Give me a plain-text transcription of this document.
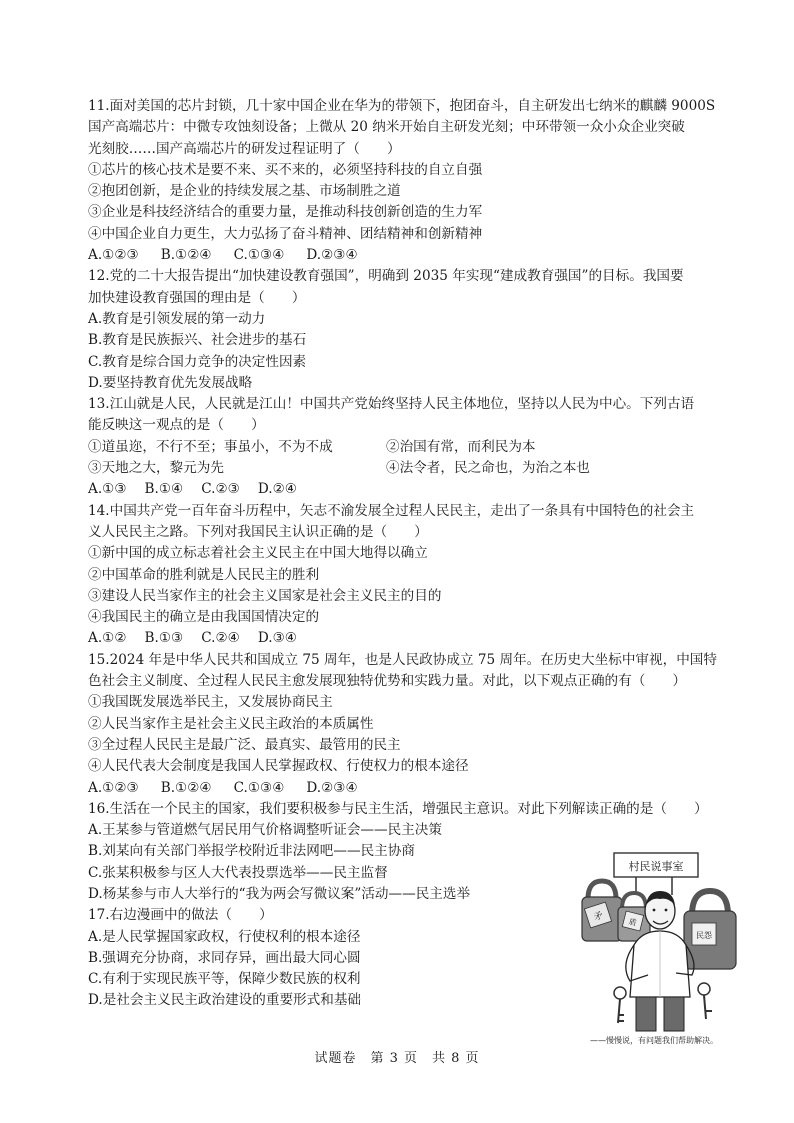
11.面对美国的芯片封锁，几十家中国企业在华为的带领下，抱团奋斗，自主研发出七纳米的麒麟 9000S
国产高端芯片：中微专攻蚀刻设备；上微从 20 纳米开始自主研发光刻；中环带领一众小众企业突破
光刻胶……国产高端芯片的研发过程证明了（　　）
①芯片的核心技术是要不来、买不来的，必须坚持科技的自立自强
②抱团创新，是企业的持续发展之基、市场制胜之道
③企业是科技经济结合的重要力量，是推动科技创新创造的生力军
④中国企业自力更生，大力弘扬了奋斗精神、团结精神和创新精神
A.①②③ B.①②④ C.①③④ D.②③④
12.党的二十大报告提出“加快建设教育强国”，明确到 2035 年实现“建成教育强国”的目标。我国要
加快建设教育强国的理由是（　　）
A.教育是引领发展的第一动力
B.教育是民族振兴、社会进步的基石
C.教育是综合国力竞争的决定性因素
D.要坚持教育优先发展战略
13.江山就是人民，人民就是江山！中国共产党始终坚持人民主体地位，坚持以人民为中心。下列古语
能反映这一观点的是（　　）
①道虽迩，不行不至；事虽小，不为不成	②治国有常，而利民为本
③天地之大，黎元为先	④法令者，民之命也，为治之本也
A.①③ B.①④ C.②③ D.②④
14.中国共产党一百年奋斗历程中，矢志不渝发展全过程人民民主，走出了一条具有中国特色的社会主
义人民民主之路。下列对我国民主认识正确的是（　　）
①新中国的成立标志着社会主义民主在中国大地得以确立
②中国革命的胜利就是人民民主的胜利
③建设人民当家作主的社会主义国家是社会主义民主的目的
④我国民主的确立是由我国国情决定的
A.①② B.①③ C.②④ D.③④
15.2024 年是中华人民共和国成立 75 周年，也是人民政协成立 75 周年。在历史大坐标中审视，中国特
色社会主义制度、全过程人民民主愈发展现独特优势和实践力量。对此，以下观点正确的有（　　）
①我国既发展选举民主，又发展协商民主
②人民当家作主是社会主义民主政治的本质属性
③全过程人民民主是最广泛、最真实、最管用的民主
④人民代表大会制度是我国人民掌握政权、行使权力的根本途径
A.①②③ B.①②④ C.①③④ D.②③④
16.生活在一个民主的国家，我们要积极参与民主生活，增强民主意识。对此下列解读正确的是（　　）
A.王某参与管道燃气居民用气价格调整听证会——民主决策
B.刘某向有关部门举报学校附近非法网吧——民主协商
C.张某积极参与区人大代表投票选举——民主监督
D.杨某参与市人大举行的“我为两会写微议案”活动——民主选举
17.右边漫画中的做法（　　）
A.是人民掌握国家政权，行使权利的根本途径
B.强调充分协商，求同存异，画出最大同心圆
C.有利于实现民族平等，保障少数民族的权利
D.是社会主义民主政治建设的重要形式和基础
村民说事室
矛	盾
民怨
——慢慢说，有问题我们帮助解决。
试题卷　第 3 页　共 8 页
